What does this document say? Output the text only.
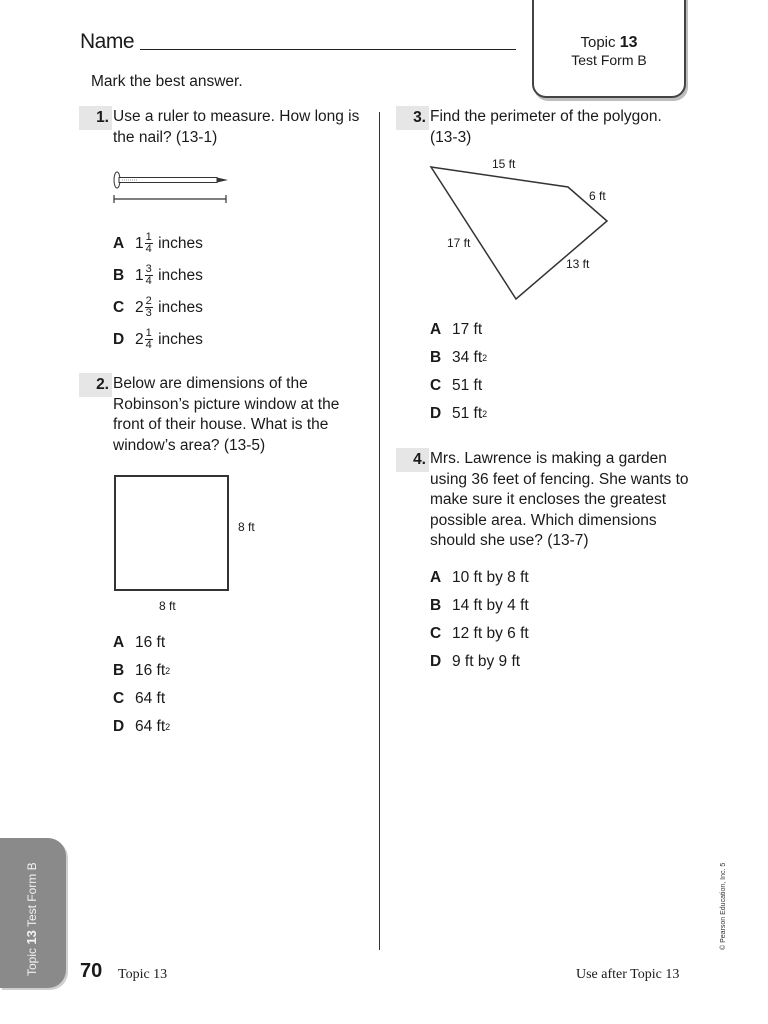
Name	Topic 13
Test Form B
Mark the best answer.
1. Use a ruler to measure. How long is the nail? (13-1)
A $1 \frac{1}{4}$
inches
B $1 \frac{3}{4}$
inches
C $2 \frac{2}{3}$
inches
D $2 \frac{1}{4}$
inches
2. Below are dimensions of the Robinson’s picture window at the front of their house. What is the window’s area? (13-5)
8 ft
8 ft
A 16 ft
B 16 ft 2
C 64 ft
D 64 ft 2
3. Find the perimeter of the polygon. (13-3)
15 ft
6 ft
17 ft
13 ft
A 17 ft
B 34 ft 2
C 51 ft
D 51 ft 2
4. Mrs. Lawrence is making a garden using 36 feet of fencing. She wants to make sure it encloses the greatest possible area. Which dimensions should she use? (13-7)
A 10 ft by 8 ft
B 14 ft by 4 ft
C 12 ft by 6 ft
D 9 ft by 9 ft
Topic 13 Test Form B
70 Topic 13	Use after Topic 13
© Pearson Education, Inc. 5
